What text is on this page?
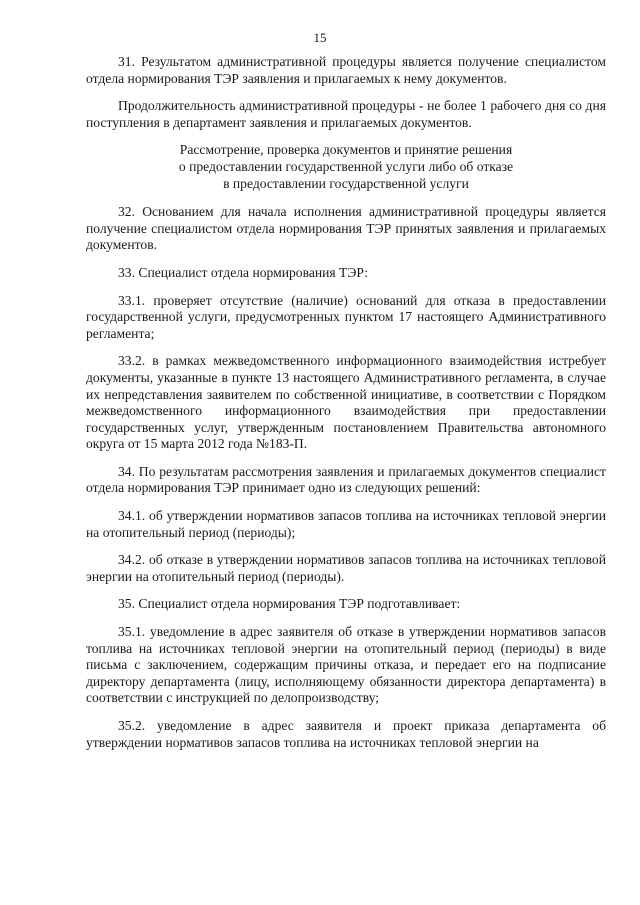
15

31. Результатом административной процедуры является получение специалистом отдела нормирования ТЭР заявления и прилагаемых к нему документов.

Продолжительность административной процедуры - не более 1 рабочего дня со дня поступления в департамент заявления и прилагаемых документов.

Рассмотрение, проверка документов и принятие решения
о предоставлении государственной услуги либо об отказе
в предоставлении государственной услуги

32. Основанием для начала исполнения административной процедуры является получение специалистом отдела нормирования ТЭР принятых заявления и прилагаемых документов.

33. Специалист отдела нормирования ТЭР:

33.1. проверяет отсутствие (наличие) оснований для отказа в предоставлении государственной услуги, предусмотренных пунктом 17 настоящего Административного регламента;

33.2. в рамках межведомственного информационного взаимодействия истребует документы, указанные в пункте 13 настоящего Административного регламента, в случае их непредставления заявителем по собственной инициативе, в соответствии с Порядком межведомственного информационного взаимодействия при предоставлении государственных услуг, утвержденным постановлением Правительства автономного округа от 15 марта 2012 года №183-П.

34. По результатам рассмотрения заявления и прилагаемых документов специалист отдела нормирования ТЭР принимает одно из следующих решений:

34.1. об утверждении нормативов запасов топлива на источниках тепловой энергии на отопительный период (периоды);

34.2. об отказе в утверждении нормативов запасов топлива на источниках тепловой энергии на отопительный период (периоды).

35. Специалист отдела нормирования ТЭР подготавливает:

35.1. уведомление в адрес заявителя об отказе в утверждении нормативов запасов топлива на источниках тепловой энергии на отопительный период (периоды) в виде письма с заключением, содержащим причины отказа, и передает его на подписание директору департамента (лицу, исполняющему обязанности директора департамента) в соответствии с инструкцией по делопроизводству;

35.2. уведомление в адрес заявителя и проект приказа департамента об утверждении нормативов запасов топлива на источниках тепловой энергии на
